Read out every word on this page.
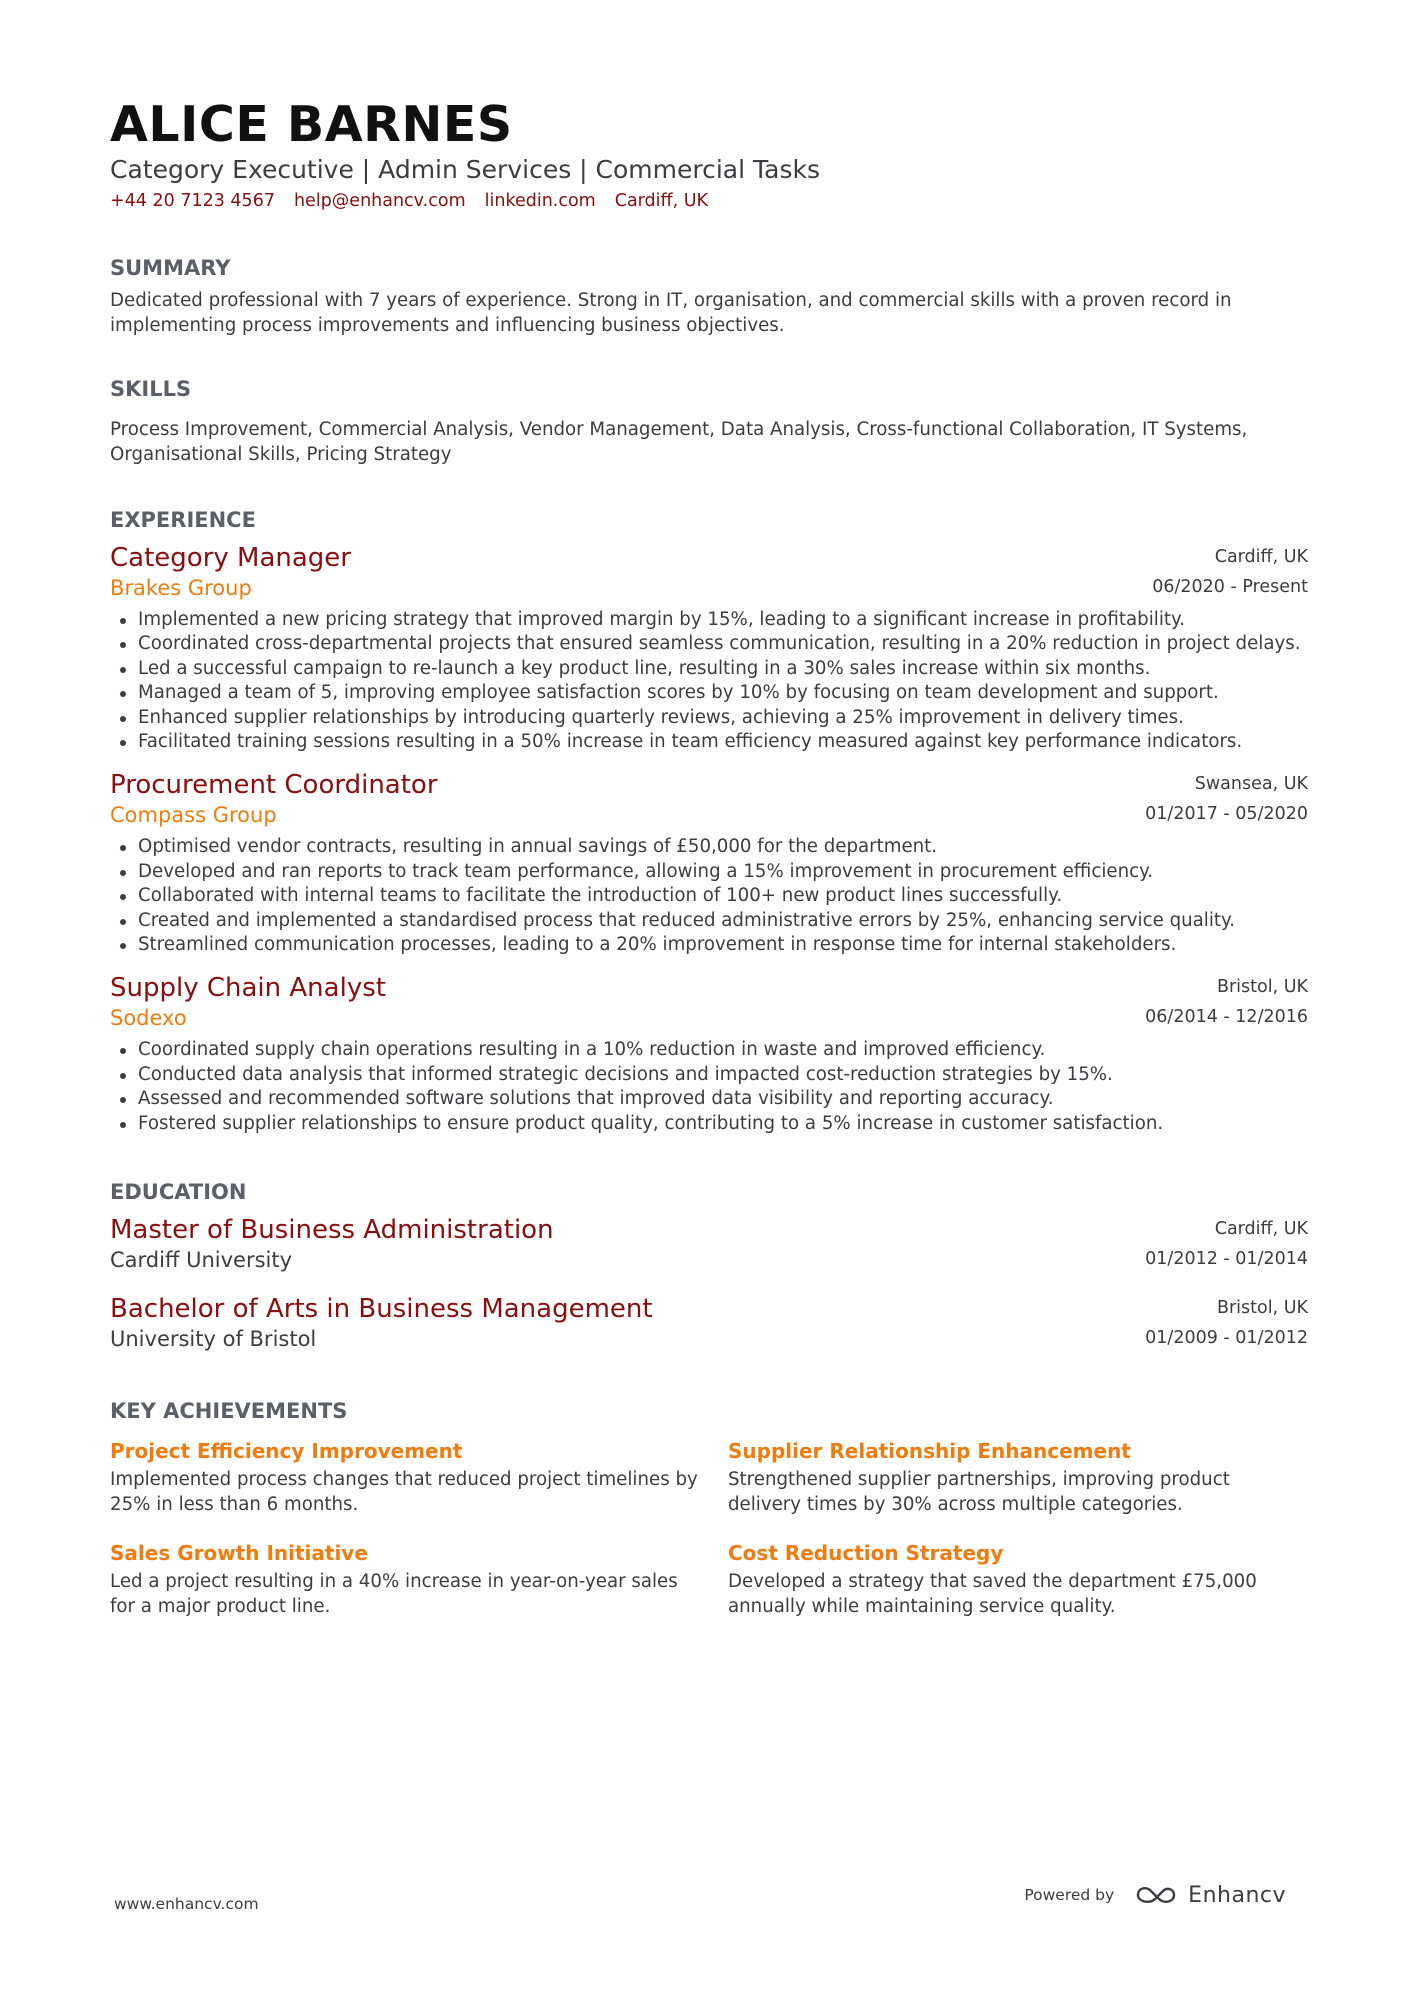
ALICE BARNES
Category Executive | Admin Services | Commercial Tasks
+44 20 7123 4567 help@enhancv.com linkedin.com Cardiff, UK
SUMMARY
Dedicated professional with 7 years of experience. Strong in IT, organisation, and commercial skills with a proven record in implementing process improvements and influencing business objectives.
SKILLS
Process Improvement, Commercial Analysis, Vendor Management, Data Analysis, Cross-functional Collaboration, IT Systems, Organisational Skills, Pricing Strategy
EXPERIENCE
Category Manager
Brakes Group
Cardiff, UK
06/2020 - Present
Implemented a new pricing strategy that improved margin by 15%, leading to a significant increase in profitability.
Coordinated cross-departmental projects that ensured seamless communication, resulting in a 20% reduction in project delays.
Led a successful campaign to re-launch a key product line, resulting in a 30% sales increase within six months.
Managed a team of 5, improving employee satisfaction scores by 10% by focusing on team development and support.
Enhanced supplier relationships by introducing quarterly reviews, achieving a 25% improvement in delivery times.
Facilitated training sessions resulting in a 50% increase in team efficiency measured against key performance indicators.
Procurement Coordinator
Compass Group
Swansea, UK
01/2017 - 05/2020
Optimised vendor contracts, resulting in annual savings of £50,000 for the department.
Developed and ran reports to track team performance, allowing a 15% improvement in procurement efficiency.
Collaborated with internal teams to facilitate the introduction of 100+ new product lines successfully.
Created and implemented a standardised process that reduced administrative errors by 25%, enhancing service quality.
Streamlined communication processes, leading to a 20% improvement in response time for internal stakeholders.
Supply Chain Analyst
Sodexo
Bristol, UK
06/2014 - 12/2016
Coordinated supply chain operations resulting in a 10% reduction in waste and improved efficiency.
Conducted data analysis that informed strategic decisions and impacted cost-reduction strategies by 15%.
Assessed and recommended software solutions that improved data visibility and reporting accuracy.
Fostered supplier relationships to ensure product quality, contributing to a 5% increase in customer satisfaction.
EDUCATION
Master of Business Administration
Cardiff University
Cardiff, UK
01/2012 - 01/2014
Bachelor of Arts in Business Management
University of Bristol
Bristol, UK
01/2009 - 01/2012
KEY ACHIEVEMENTS
Project Efficiency Improvement
Implemented process changes that reduced project timelines by 25% in less than 6 months.
Supplier Relationship Enhancement
Strengthened supplier partnerships, improving product delivery times by 30% across multiple categories.
Sales Growth Initiative
Led a project resulting in a 40% increase in year-on-year sales for a major product line.
Cost Reduction Strategy
Developed a strategy that saved the department £75,000 annually while maintaining service quality.
www.enhancv.com	Powered by	Enhancv
